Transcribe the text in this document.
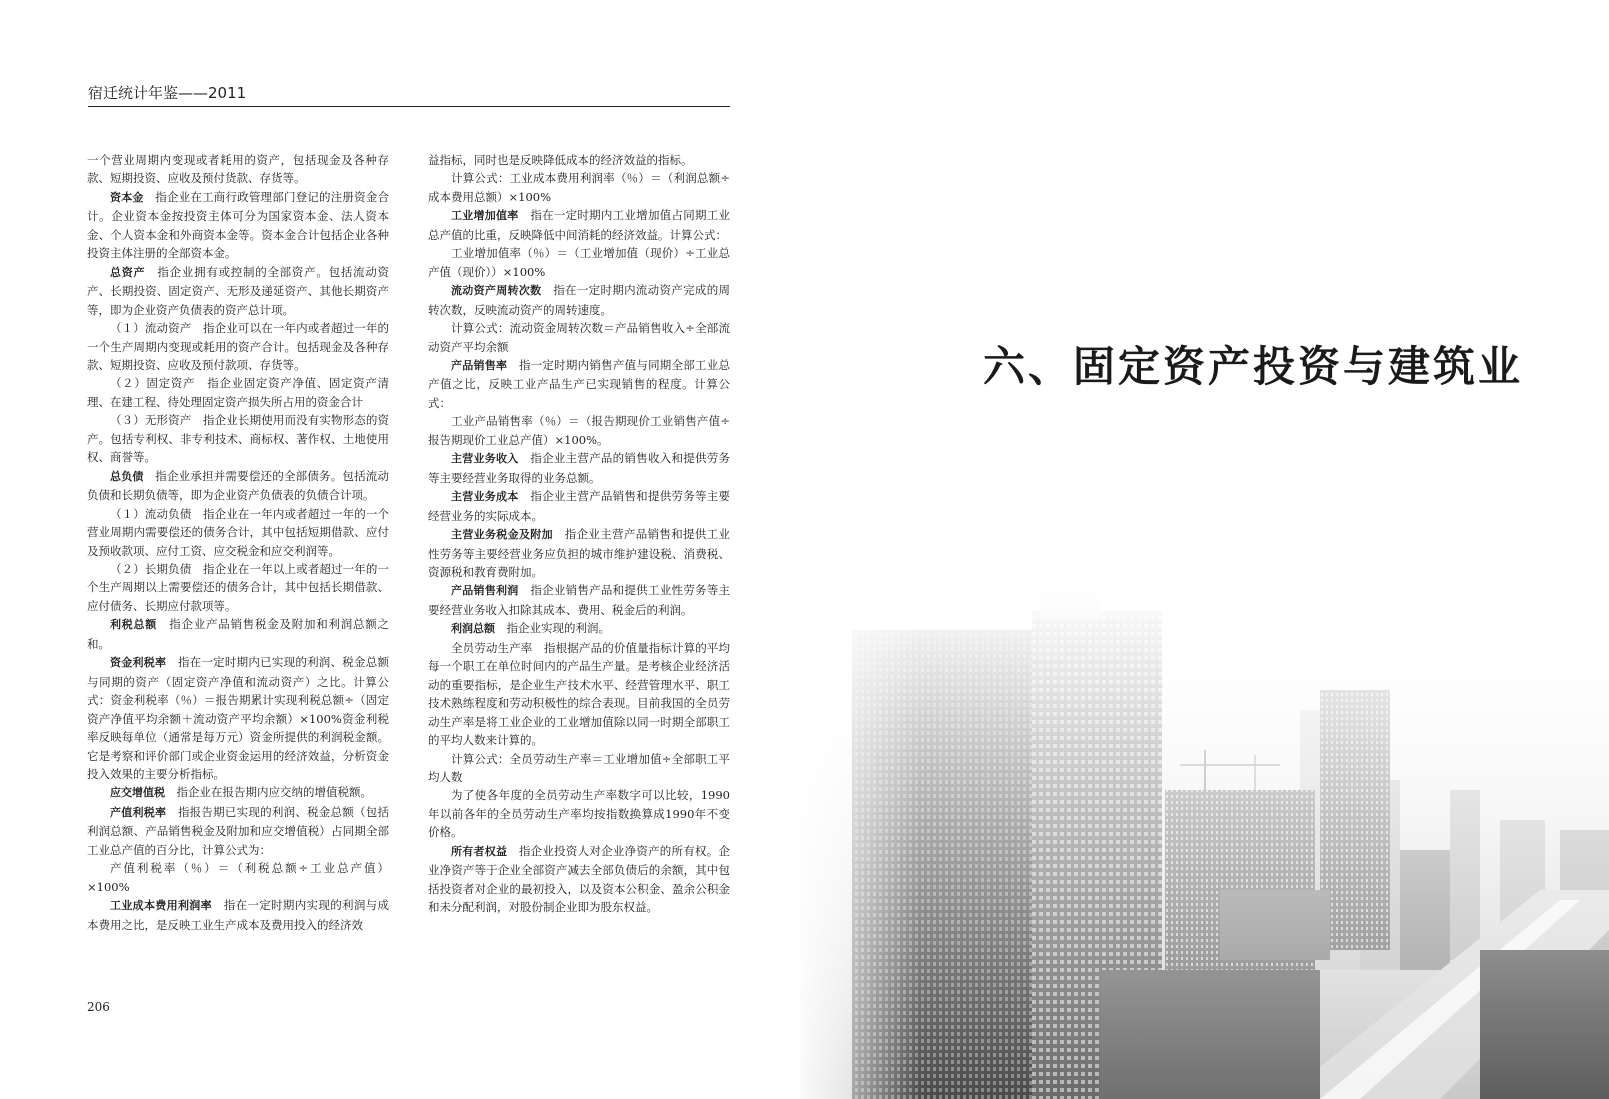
宿迁统计年鉴——2011

一个营业周期内变现或者耗用的资产，包括现金及各种存款、短期投资、应收及预付货款、存货等。

资本金　指企业在工商行政管理部门登记的注册资金合计。企业资本金按投资主体可分为国家资本金、法人资本金、个人资本金和外商资本金等。资本金合计包括企业各种投资主体注册的全部资本金。

总资产　指企业拥有或控制的全部资产。包括流动资产、长期投资、固定资产、无形及递延资产、其他长期资产等，即为企业资产负债表的资产总计项。

（１）流动资产　指企业可以在一年内或者超过一年的一个生产周期内变现或耗用的资产合计。包括现金及各种存款、短期投资、应收及预付款项、存货等。

（２）固定资产　指企业固定资产净值、固定资产清理、在建工程、待处理固定资产损失所占用的资金合计

（３）无形资产　指企业长期使用而没有实物形态的资产。包括专利权、非专利技术、商标权、著作权、土地使用权、商誉等。

总负债　指企业承担并需要偿还的全部债务。包括流动负债和长期负债等，即为企业资产负债表的负债合计项。

（１）流动负债　指企业在一年内或者超过一年的一个营业周期内需要偿还的债务合计，其中包括短期借款、应付及预收款项、应付工资、应交税金和应交利润等。

（２）长期负债　指企业在一年以上或者超过一年的一个生产周期以上需要偿还的债务合计，其中包括长期借款、应付债务、长期应付款项等。

利税总额　指企业产品销售税金及附加和利润总额之和。

资金利税率　指在一定时期内已实现的利润、税金总额与同期的资产（固定资产净值和流动资产）之比。计算公式：资金利税率（％）＝报告期累计实现利税总额÷（固定资产净值平均余额＋流动资产平均余额）×100%资金利税率反映每单位（通常是每万元）资金所提供的利润税金额。它是考察和评价部门或企业资金运用的经济效益，分析资金投入效果的主要分析指标。

应交增值税　指企业在报告期内应交纳的增值税额。

产值利税率　指报告期已实现的利润、税金总额（包括利润总额、产品销售税金及附加和应交增值税）占同期全部工业总产值的百分比，计算公式为：

产值利税率（％）＝（利税总额÷工业总产值）×100%

工业成本费用利润率　指在一定时期内实现的利润与成本费用之比，是反映工业生产成本及费用投入的经济效

益指标，同时也是反映降低成本的经济效益的指标。

计算公式：工业成本费用利润率（％）＝（利润总额÷成本费用总额）×100%

工业增加值率　指在一定时期内工业增加值占同期工业总产值的比重，反映降低中间消耗的经济效益。计算公式：

工业增加值率（％）＝（工业增加值（现价）÷工业总产值（现价））×100%

流动资产周转次数　指在一定时期内流动资产完成的周转次数，反映流动资产的周转速度。

计算公式：流动资金周转次数＝产品销售收入÷全部流动资产平均余额

产品销售率　指一定时期内销售产值与同期全部工业总产值之比，反映工业产品生产已实现销售的程度。计算公式：

工业产品销售率（％）＝（报告期现价工业销售产值÷报告期现价工业总产值）×100%。

主营业务收入　指企业主营产品的销售收入和提供劳务等主要经营业务取得的业务总额。

主营业务成本　指企业主营产品销售和提供劳务等主要经营业务的实际成本。

主营业务税金及附加　指企业主营产品销售和提供工业性劳务等主要经营业务应负担的城市维护建设税、消费税、资源税和教育费附加。

产品销售利润　指企业销售产品和提供工业性劳务等主要经营业务收入扣除其成本、费用、税金后的利润。

利润总额　指企业实现的利润。

全员劳动生产率　指根据产品的价值量指标计算的平均每一个职工在单位时间内的产品生产量。是考核企业经济活动的重要指标，是企业生产技术水平、经营管理水平、职工技术熟练程度和劳动积极性的综合表现。目前我国的全员劳动生产率是将工业企业的工业增加值除以同一时期全部职工的平均人数来计算的。

计算公式：全员劳动生产率＝工业增加值÷全部职工平均人数

为了使各年度的全员劳动生产率数字可以比较，1990年以前各年的全员劳动生产率均按指数换算成1990年不变价格。

所有者权益　指企业投资人对企业净资产的所有权。企业净资产等于企业全部资产减去全部负债后的余额，其中包括投资者对企业的最初投入，以及资本公积金、盈余公积金和未分配利润，对股份制企业即为股东权益。

206
六、固定资产投资与建筑业
